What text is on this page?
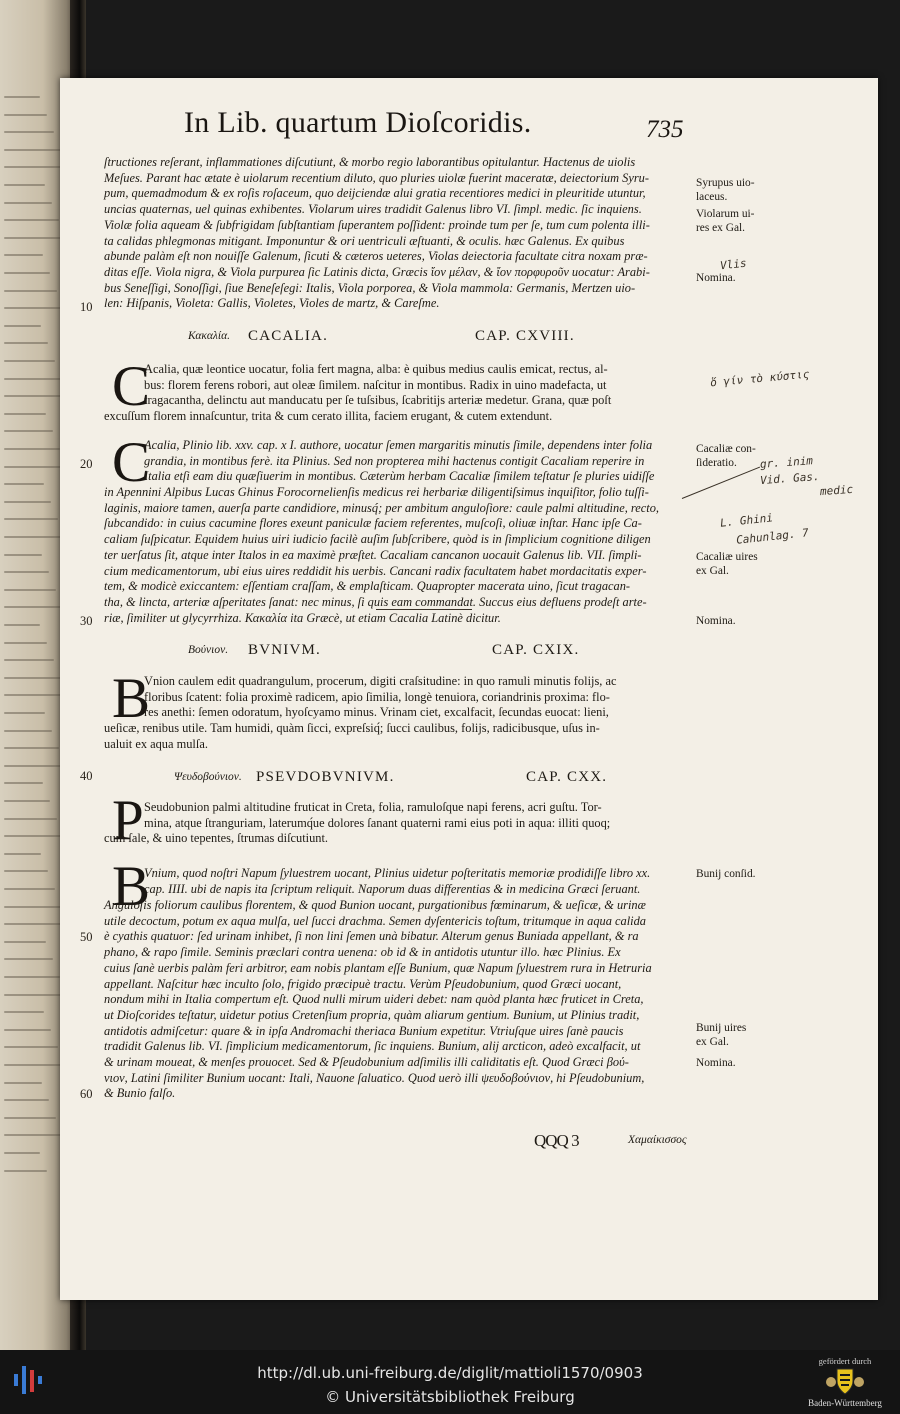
In Lib. quartum Dioſcoridis.	735
ſtructiones reſerant, inflammationes diſcutiunt, & morbo regio laborantibus opitulantur. Hactenus de uiolis
Meſues. Parant hac ætate è uiolarum recentium diluto, quo pluries uiolæ fuerint maceratæ, deiectorium Syru-
pum, quemadmodum & ex roſis roſaceum, quo deijciendæ alui gratia recentiores medici in pleuritide utuntur,
uncias quaternas, uel quinas exhibentes. Violarum uires tradidit Galenus libro VI. ſimpl. medic. ſic inquiens.
Violæ folia aqueam & ſubfrigidam ſubſtantiam ſuperantem poſſident: proinde tum per ſe, tum cum polenta illi-
ta calidas phlegmonas mitigant. Imponuntur & ori uentriculi æſtuanti, & oculis. hæc Galenus. Ex quibus
abunde palàm eſt non nouiſſe Galenum, ſicuti & cæteros ueteres, Violas deiectoria facultate citra noxam præ-
ditas eſſe. Viola nigra, & Viola purpurea ſic Latinis dicta, Græcis ἴον μέλαν, & ἴον πορφυροῦν uocatur: Arabi-
bus Seneſſigi, Sonoſſigi, ſiue Beneſeſegi: Italis, Viola porporea, & Viola mammola: Germanis, Mertzen uio-
len: Hiſpanis, Violeta: Gallis, Violetes, Violes de martz, & Careſme.
Κακαλία. CACALIA.	CAP. CXVIII.
C
Acalia, quæ leontice uocatur, folia fert magna, alba: è quibus medius caulis emicat, rectus, al-
bus: florem ferens robori, aut oleæ ſimilem. naſcitur in montibus. Radix in uino madefacta, ut
tragacantha, delinctu aut manducatu per ſe tuſsibus, ſcabritijs arteriæ medetur. Grana, quæ poſt
excuſſum florem innaſcuntur, trita & cum cerato illita, faciem erugant, & cutem extendunt.
C
Acalia, Plinio lib. xxv. cap. x I. authore, uocatur ſemen margaritis minutis ſimile, dependens inter folia
grandia, in montibus ferè. ita Plinius. Sed non propterea mihi hactenus contigit Cacaliam reperire in
Italia etſi eam diu quæſiuerim in montibus. Cæterùm herbam Cacaliæ ſimilem teſtatur ſe pluries uidiſſe
in Apennini Alpibus Lucas Ghinus Forocornelienſis medicus rei herbariæ diligentiſsimus inquiſitor, folio tuſſi-
laginis, maiore tamen, auerſa parte candidiore, minusq́; per ambitum anguloſiore: caule palmi altitudine, recto,
ſubcandido: in cuius cacumine flores exeunt paniculæ faciem referentes, muſcoſi, oliuæ inſtar. Hanc ipſe Ca-
caliam ſuſpicatur. Equidem huius uiri iudicio facilè auſim ſubſcribere, quòd is in ſimplicium cognitione diligen
ter uerſatus ſit, atque inter Italos in ea maximè præſtet. Cacaliam cancanon uocauit Galenus lib. VII. ſimpli-
cium medicamentorum, ubi eius uires reddidit his uerbis. Cancani radix facultatem habet mordacitatis exper-
tem, & modicè exiccantem: eſſentiam craſſam, & emplaſticam. Quapropter macerata uino, ſicut tragacan-
tha, & lincta, arteriæ aſperitates ſanat: nec minus, ſi quis eam commandat. Succus eius defluens prodeſt arte-
riæ, ſimiliter ut glycyrrhiza. Κακαλία ita Græcè, ut etiam Cacalia Latinè dicitur.
Βούνιον. BVNIVM.	CAP. CXIX.
B
Vnion caulem edit quadrangulum, procerum, digiti craſsitudine: in quo ramuli minutis folijs, ac
floribus ſcatent: folia proximè radicem, apio ſimilia, longè tenuiora, coriandrinis proxima: flo-
res anethi: ſemen odoratum, hyoſcyamo minus. Vrinam ciet, excalfacit, ſecundas euocat: lieni,
ueſicæ, renibus utile. Tam humidi, quàm ſicci, expreſsiq́; ſucci caulibus, folijs, radicibusque, uſus in-
ualuit ex aqua mulſa.
Ψευδοβούνιον. PSEVDOBVNIVM.	CAP. CXX.
P Seudobunion palmi altitudine fruticat in Creta, folia, ramuloſque napi ferens, acri guſtu. Tor-
mina, atque ſtranguriam, laterumq́ue dolores ſanant quaterni rami eius poti in aqua: illiti quoq;
cum ſale, & uino tepentes, ſtrumas diſcutiunt.
B
Vnium, quod noſtri Napum ſyluestrem uocant, Plinius uidetur poſteritatis memoriæ prodidiſſe libro xx.
cap. IIII. ubi de napis ita ſcriptum reliquit. Naporum duas differentias & in medicina Græci ſeruant.
Anguloſis foliorum caulibus florentem, & quod Bunion uocant, purgationibus fœminarum, & ueſicæ, & urinæ
utile decoctum, potum ex aqua mulſa, uel ſucci drachma. Semen dyſentericis toſtum, tritumque in aqua calida
è cyathis quatuor: ſed urinam inhibet, ſi non lini ſemen unà bibatur. Alterum genus Buniada appellant, & ra
phano, & rapo ſimile. Seminis præclari contra uenena: ob id & in antidotis utuntur illo. hæc Plinius. Ex
cuius ſanè uerbis palàm feri arbitror, eam nobis plantam eſſe Bunium, quæ Napum ſyluestrem rura in Hetruria
appellant. Naſcitur hæc inculto ſolo, frigido præcipuè tractu. Verùm Pſeudobunium, quod Græci uocant,
nondum mihi in Italia compertum eſt. Quod nulli mirum uideri debet: nam quòd planta hæc fruticet in Creta,
ut Dioſcorides teſtatur, uidetur potius Cretenſium propria, quàm aliarum gentium. Bunium, ut Plinius tradit,
antidotis admiſcetur: quare & in ipſa Andromachi theriaca Bunium expetitur. Vtriuſque uires ſanè paucis
tradidit Galenus lib. VI. ſimplicium medicamentorum, ſic inquiens. Bunium, alij arcticon, adeò excalfacit, ut
& urinam moueat, & menſes prouocet. Sed & Pſeudobunium adſimilis illi caliditatis eſt. Quod Græci βού-
νιον, Latini ſimiliter Bunium uocant: Itali, Nauone ſaluatico. Quod uerò illi ψευδοβούνιον, hi Pſeudobunium,
& Bunio falſo.
Syrupus uio-
laceus.
Violarum ui-
res ex Gal.
Nomina.
Cacaliæ con-
ſideratio.
Cacaliæ uires
ex Gal.
Nomina.
Bunij conſid.
Bunij uires
ex Gal.
Nomina.
10
20
30
40
50
60
QQQ 3	Χαμαίκισσος
Vlis
ὅ γίν τὸ κύστις
gr. inim
Vid. Gas.
medic
L. Ghini
Cahunlag. 7
http://dl.ub.uni-freiburg.de/diglit/mattioli1570/0903
© Universitätsbibliothek Freiburg
gefördert durch
Baden-Württemberg
